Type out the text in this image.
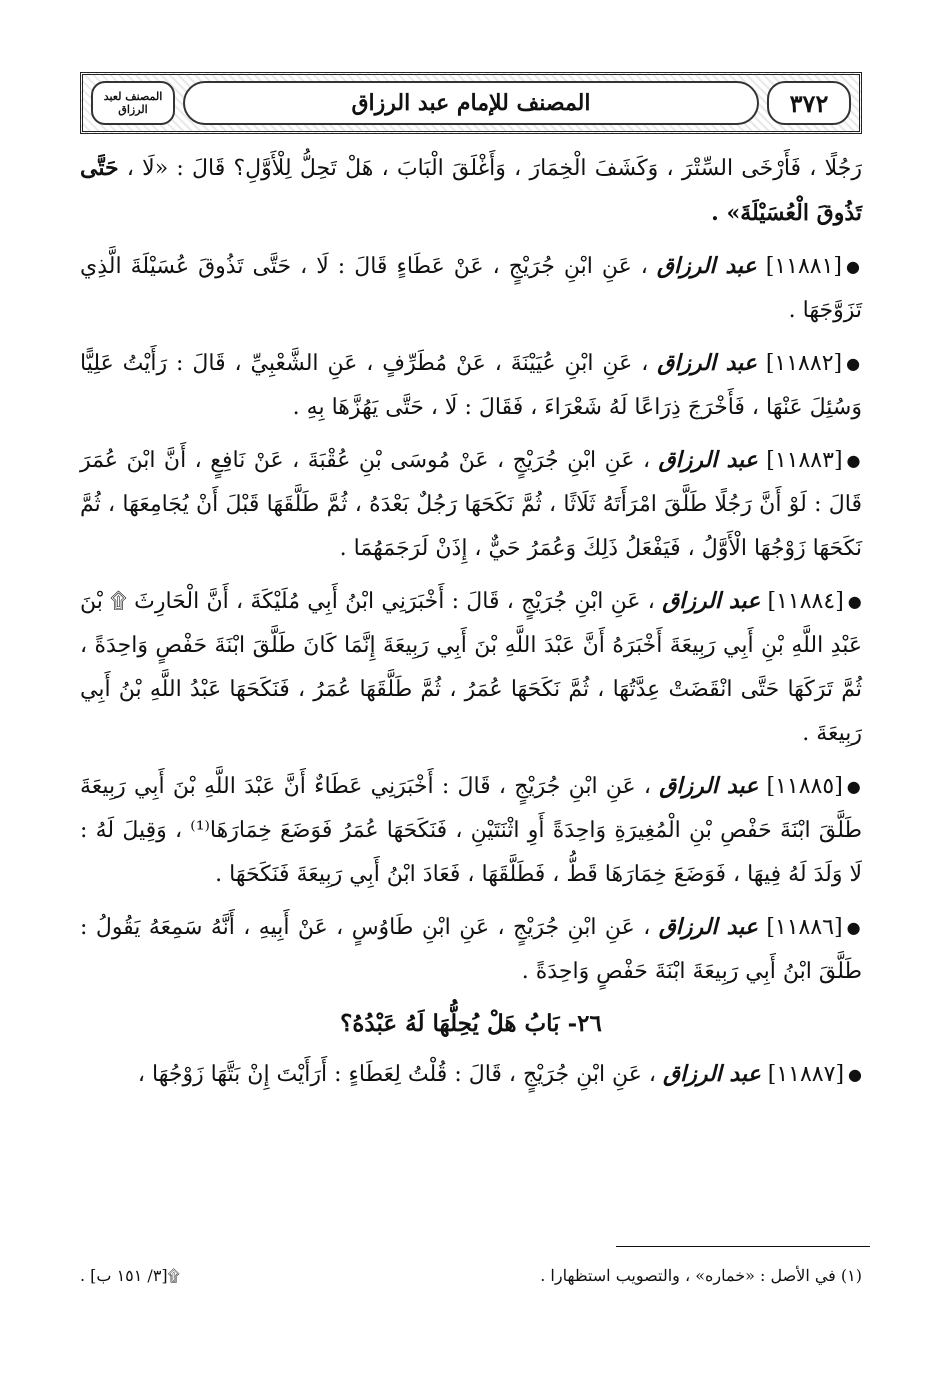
٣٧٢
المصنف للإمام عبد الرزاق
المصنف لعبد الرزاق

رَجُلًا ، فَأَرْخَى السِّتْرَ ، وَكَشَفَ الْخِمَارَ ، وَأَغْلَقَ الْبَابَ ، هَلْ تَحِلُّ لِلْأَوَّلِ؟ قَالَ : «لَا ، حَتَّى تَذُوقَ الْعُسَيْلَةَ» .

●[١١٨٨١] عبد الرزاق ، عَنِ ابْنِ جُرَيْجٍ ، عَنْ عَطَاءٍ قَالَ : لَا ، حَتَّى تَذُوقَ عُسَيْلَةَ الَّذِي تَزَوَّجَهَا .

●[١١٨٨٢] عبد الرزاق ، عَنِ ابْنِ عُيَيْنَةَ ، عَنْ مُطَرِّفٍ ، عَنِ الشَّعْبِيِّ ، قَالَ : رَأَيْتُ عَلِيًّا وَسُئِلَ عَنْهَا ، فَأَخْرَجَ ذِرَاعًا لَهُ شَعْرَاءَ ، فَقَالَ : لَا ، حَتَّى يَهُزَّهَا بِهِ .

●[١١٨٨٣] عبد الرزاق ، عَنِ ابْنِ جُرَيْجٍ ، عَنْ مُوسَى بْنِ عُقْبَةَ ، عَنْ نَافِعٍ ، أَنَّ ابْنَ عُمَرَ قَالَ : لَوْ أَنَّ رَجُلًا طَلَّقَ امْرَأَتَهُ ثَلَاثًا ، ثُمَّ نَكَحَهَا رَجُلٌ بَعْدَهُ ، ثُمَّ طَلَّقَهَا قَبْلَ أَنْ يُجَامِعَهَا ، ثُمَّ نَكَحَهَا زَوْجُهَا الْأَوَّلُ ، فَيَفْعَلُ ذَلِكَ وَعُمَرُ حَيٌّ ، إِذَنْ لَرَجَمَهُمَا .

●[١١٨٨٤] عبد الرزاق ، عَنِ ابْنِ جُرَيْجٍ ، قَالَ : أَخْبَرَنِي ابْنُ أَبِي مُلَيْكَةَ ، أَنَّ الْحَارِثَ ۩ بْنَ عَبْدِ اللَّهِ بْنِ أَبِي رَبِيعَةَ أَخْبَرَهُ أَنَّ عَبْدَ اللَّهِ بْنَ أَبِي رَبِيعَةَ إِنَّمَا كَانَ طَلَّقَ ابْنَةَ حَفْصٍ وَاحِدَةً ، ثُمَّ تَرَكَهَا حَتَّى انْقَضَتْ عِدَّتُهَا ، ثُمَّ نَكَحَهَا عُمَرُ ، ثُمَّ طَلَّقَهَا عُمَرُ ، فَنَكَحَهَا عَبْدُ اللَّهِ بْنُ أَبِي رَبِيعَةَ .

●[١١٨٨٥] عبد الرزاق ، عَنِ ابْنِ جُرَيْجٍ ، قَالَ : أَخْبَرَنِي عَطَاءٌ أَنَّ عَبْدَ اللَّهِ بْنَ أَبِي رَبِيعَةَ طَلَّقَ ابْنَةَ حَفْصِ بْنِ الْمُغِيرَةِ وَاحِدَةً أَوِ اثْنَتَيْنِ ، فَنَكَحَهَا عُمَرُ فَوَضَعَ خِمَارَهَا⁽¹⁾ ، وَقِيلَ لَهُ : لَا وَلَدَ لَهُ فِيهَا ، فَوَضَعَ خِمَارَهَا قَطُّ ، فَطَلَّقَهَا ، فَعَادَ ابْنُ أَبِي رَبِيعَةَ فَنَكَحَهَا .

●[١١٨٨٦] عبد الرزاق ، عَنِ ابْنِ جُرَيْجٍ ، عَنِ ابْنِ طَاوُسٍ ، عَنْ أَبِيهِ ، أَنَّهُ سَمِعَهُ يَقُولُ : طَلَّقَ ابْنُ أَبِي رَبِيعَةَ ابْنَةَ حَفْصٍ وَاحِدَةً .

٢٦- بَابُ هَلْ يُحِلُّهَا لَهُ عَبْدُهُ؟

●[١١٨٨٧] عبد الرزاق ، عَنِ ابْنِ جُرَيْجٍ ، قَالَ : قُلْتُ لِعَطَاءٍ : أَرَأَيْتَ إِنْ بَتَّهَا زَوْجُهَا ،

(١) في الأصل : «خماره» ، والتصويب استظهارا .
۩[٣/ ١٥١ ب] .
